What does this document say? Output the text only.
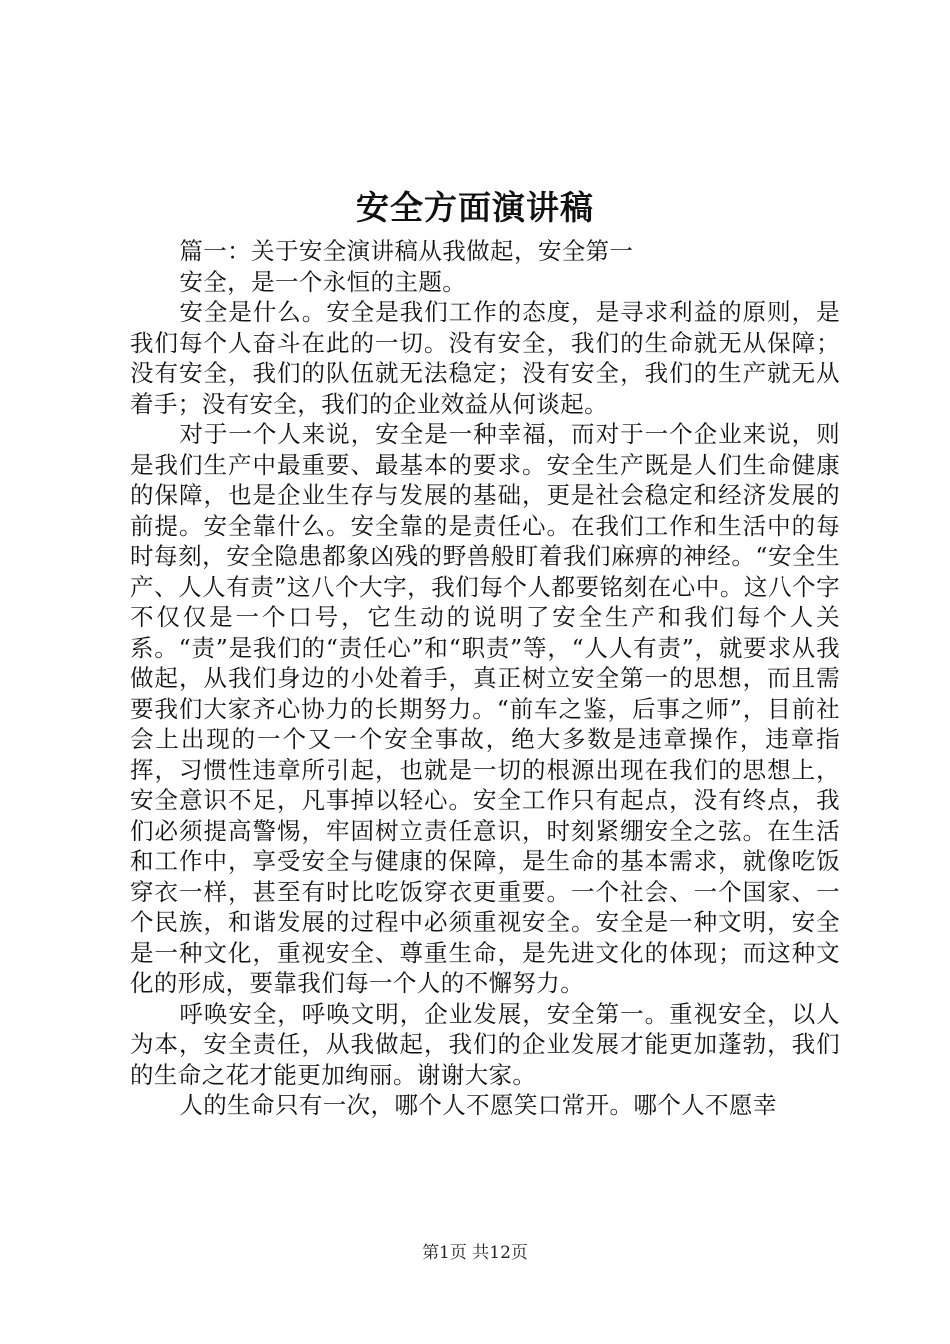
安全方面演讲稿

篇一：关于安全演讲稿从我做起，安全第一

安全，是一个永恒的主题。

安全是什么。安全是我们工作的态度，是寻求利益的原则，是我们每个人奋斗在此的一切。没有安全，我们的生命就无从保障；没有安全，我们的队伍就无法稳定；没有安全，我们的生产就无从着手；没有安全，我们的企业效益从何谈起。

对于一个人来说，安全是一种幸福，而对于一个企业来说，则是我们生产中最重要、最基本的要求。安全生产既是人们生命健康的保障，也是企业生存与发展的基础，更是社会稳定和经济发展的前提。安全靠什么。安全靠的是责任心。在我们工作和生活中的每时每刻，安全隐患都象凶残的野兽般盯着我们麻痹的神经。“安全生产、人人有责”这八个大字，我们每个人都要铭刻在心中。这八个字不仅仅是一个口号，它生动的说明了安全生产和我们每个人关系。“责”是我们的“责任心”和“职责”等，“人人有责”，就要求从我做起，从我们身边的小处着手，真正树立安全第一的思想，而且需要我们大家齐心协力的长期努力。“前车之鉴，后事之师”，目前社会上出现的一个又一个安全事故，绝大多数是违章操作，违章指挥，习惯性违章所引起，也就是一切的根源出现在我们的思想上，安全意识不足，凡事掉以轻心。安全工作只有起点，没有终点，我们必须提高警惕，牢固树立责任意识，时刻紧绷安全之弦。在生活和工作中，享受安全与健康的保障，是生命的基本需求，就像吃饭穿衣一样，甚至有时比吃饭穿衣更重要。一个社会、一个国家、一个民族，和谐发展的过程中必须重视安全。安全是一种文明，安全是一种文化，重视安全、尊重生命，是先进文化的体现；而这种文化的形成，要靠我们每一个人的不懈努力。

呼唤安全，呼唤文明，企业发展，安全第一。重视安全，以人为本，安全责任，从我做起，我们的企业发展才能更加蓬勃，我们的生命之花才能更加绚丽。谢谢大家。

人的生命只有一次，哪个人不愿笑口常开。哪个人不愿幸

第1页 共12页
